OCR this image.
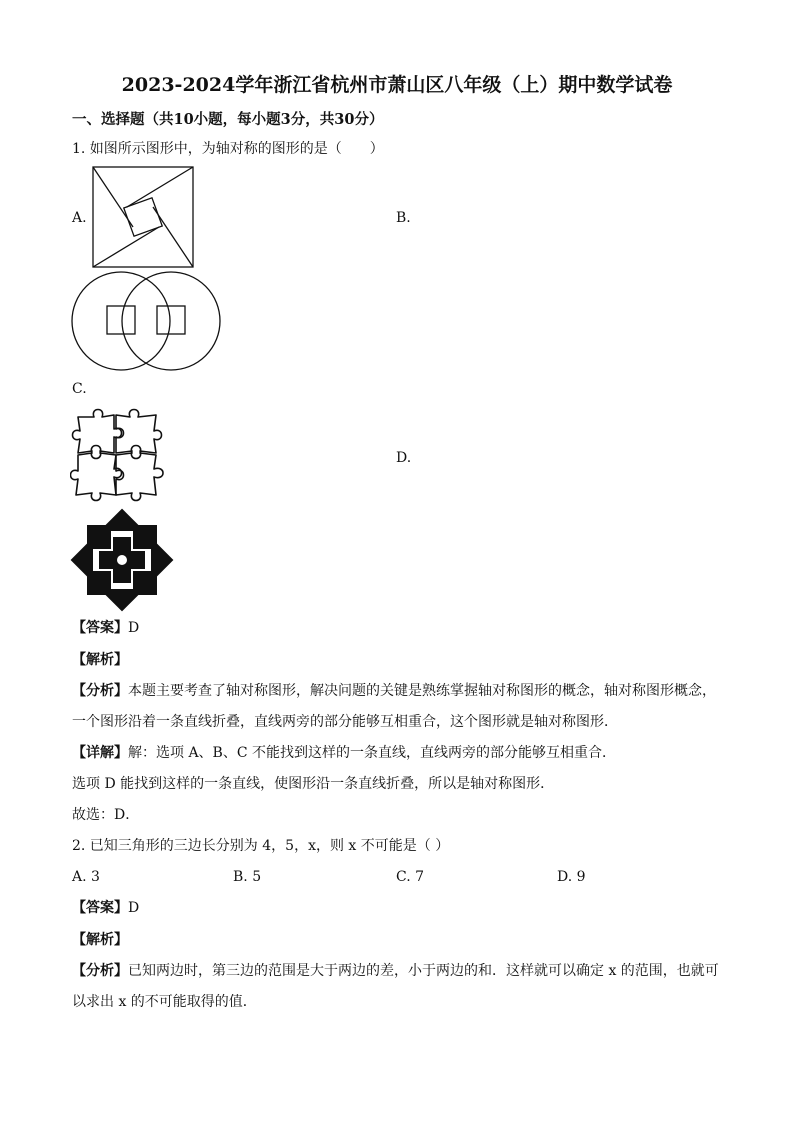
2023-2024学年浙江省杭州市萧山区八年级（上）期中数学试卷
一、选择题（共10小题，每小题3分，共30分）
1. 如图所示图形中，为轴对称的图形的是（　　）
A.	B.
C.
D.
【答案】D
【解析】
【分析】本题主要考查了轴对称图形，解决问题的关键是熟练掌握轴对称图形的概念，轴对称图形概念，
一个图形沿着一条直线折叠，直线两旁的部分能够互相重合，这个图形就是轴对称图形．
【详解】解：选项 A、B、C 不能找到这样的一条直线，直线两旁的部分能够互相重合．
选项 D 能找到这样的一条直线，使图形沿一条直线折叠，所以是轴对称图形．
故选：D．
2. 已知三角形的三边长分别为 4，5，x，则 x 不可能是（ ）
A. 3	B. 5	C. 7	D. 9
【答案】D
【解析】
【分析】已知两边时，第三边的范围是大于两边的差，小于两边的和．这样就可以确定 x 的范围，也就可
以求出 x 的不可能取得的值．
